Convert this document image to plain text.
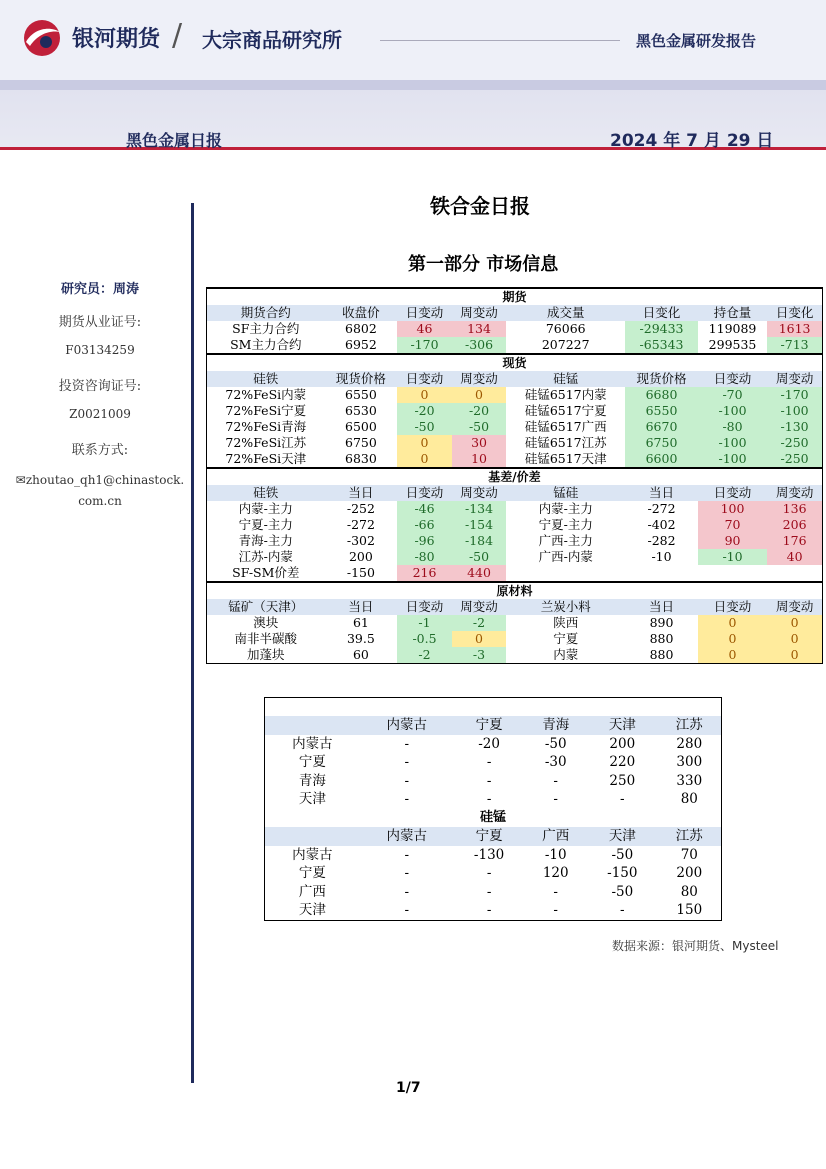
银河期货 / 大宗商品研究所	黑色金属研发报告
黑色金属日报	2024 年 7 月 29 日
研究员：周涛
期货从业证号:
F03134259
投资咨询证号:
Z0021009
联系方式:
✉zhoutao_qh1@chinastock.
com.cn
铁合金日报
第一部分 市场信息
期货							
期货合约	收盘价	日变动	周变动	成交量	日变化	持仓量	日变化
SF主力合约	6802	46	134	76066	-29433	119089	1613
SM主力合约	6952	-170	-306	207227	-65343	299535	-713
现货							
硅铁	现货价格	日变动	周变动	硅锰	现货价格	日变动	周变动
72%FeSi内蒙	6550	0	0	硅锰6517内蒙	6680	-70	-170
72%FeSi宁夏	6530	-20	-20	硅锰6517宁夏	6550	-100	-100
72%FeSi青海	6500	-50	-50	硅锰6517广西	6670	-80	-130
72%FeSi江苏	6750	0	30	硅锰6517江苏	6750	-100	-250
72%FeSi天津	6830	0	10	硅锰6517天津	6600	-100	-250
基差/价差							
硅铁	当日	日变动	周变动	锰硅	当日	日变动	周变动
内蒙-主力	-252	-46	-134	内蒙-主力	-272	100	136
宁夏-主力	-272	-66	-154	宁夏-主力	-402	70	206
青海-主力	-302	-96	-184	广西-主力	-282	90	176
江苏-内蒙	200	-80	-50	广西-内蒙	-10	-10	40
SF-SM价差	-150	216	440				
原材料							
锰矿（天津）	当日	日变动	周变动	兰炭小料	当日	日变动	周变动
澳块	61	-1	-2	陕西	890	0	0
南非半碳酸	39.5	-0.5	0	宁夏	880	0	0
加蓬块	60	-2	-3	内蒙	880	0	0

	内蒙古	宁夏	青海	天津	江苏
内蒙古	-	-20	-50	200	280
宁夏	-	-	-30	220	300
青海	-	-	-	250	330
天津	-	-	-	-	80
硅锰					
	内蒙古	宁夏	广西	天津	江苏
内蒙古	-	-130	-10	-50	70
宁夏	-	-	120	-150	200
广西	-	-	-	-50	80
天津	-	-	-	-	150
数据来源：银河期货、Mysteel
1/7
